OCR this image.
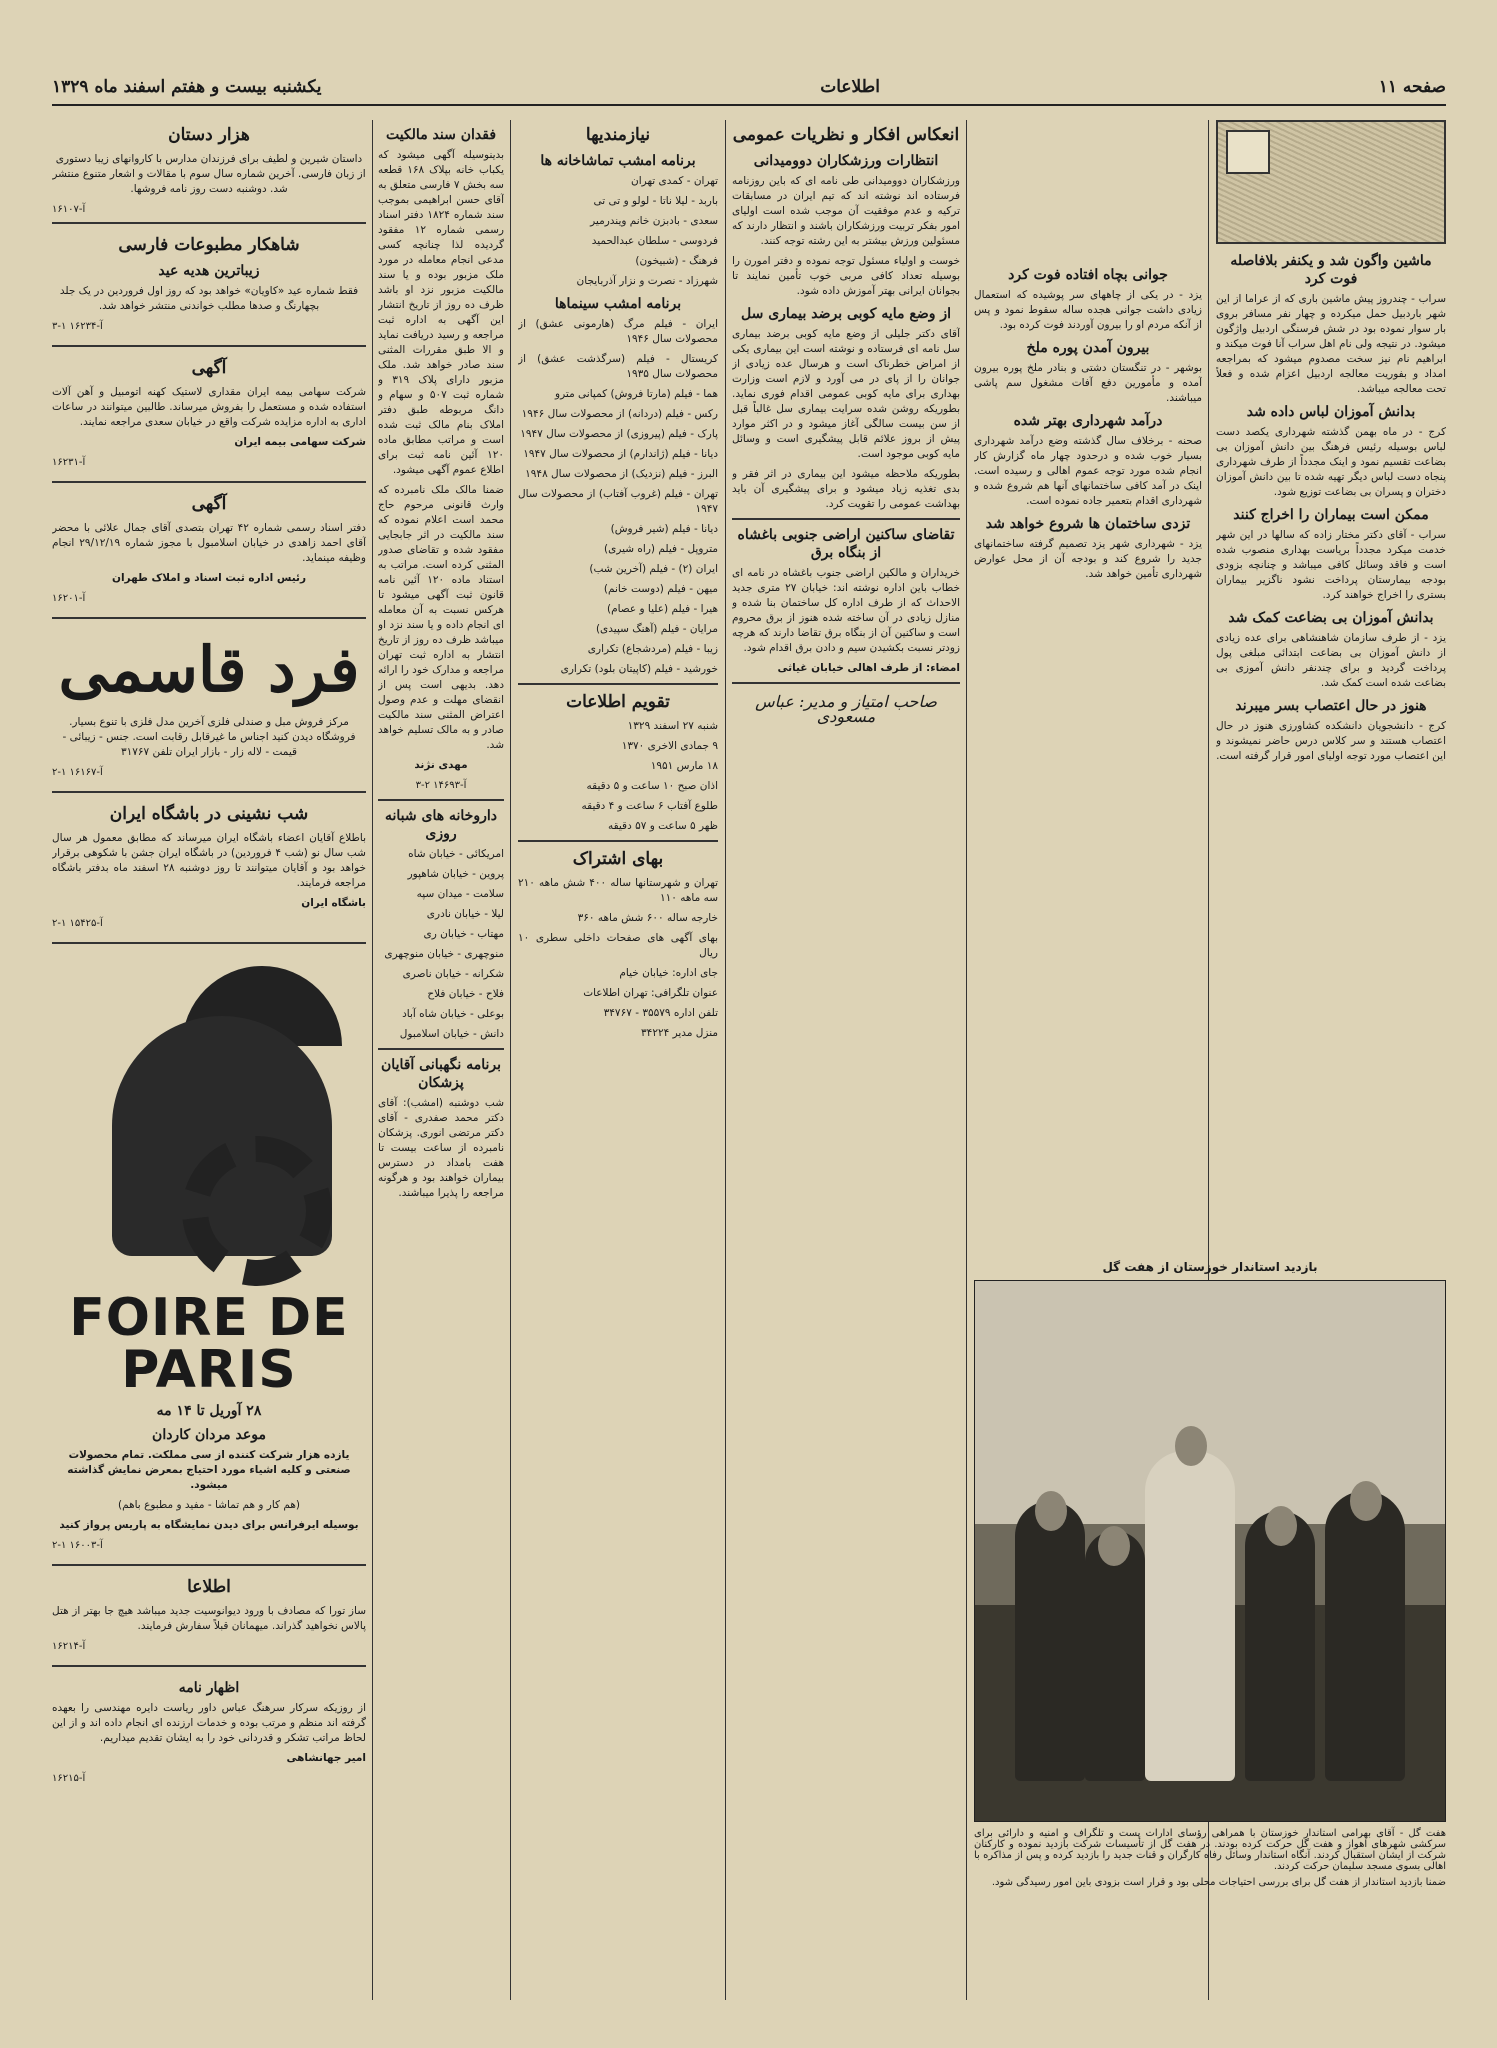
صفحه ۱۱
اطلاعات
یکشنبه بیست و هفتم اسفند ماه ۱۳۲۹
ماشین واگون شد و یکنفر بلافاصله فوت کرد

سراب - چندروز پیش ماشین باری که از عراما از این شهر باردبیل حمل میکرده و چهار نفر مسافر بروی بار سوار نموده بود در شش فرسنگی اردبیل واژگون میشود. در نتیجه ولی نام اهل سراب آنا فوت میکند و ابراهیم نام نیز سخت مصدوم میشود که بمراجعه امداد و بفوریت معالجه اردبیل اعزام شده و فعلاً تحت معالجه میباشد.

بدانش آموزان لباس داده شد

کرج - در ماه بهمن گذشته شهرداری یکصد دست لباس بوسیله رئیس فرهنگ بین دانش آموزان بی بضاعت تقسیم نمود و اینک مجدداً از طرف شهرداری پنجاه دست لباس دیگر تهیه شده تا بین دانش آموزان دختران و پسران بی بضاعت توزیع شود.

ممکن است بیماران را اخراج کنند

سراب - آقای دکتر مختار زاده که سالها در این شهر خدمت میکرد مجدداً بریاست بهداری منصوب شده است و فاقد وسائل کافی میباشد و چنانچه بزودی بودجه بیمارستان پرداخت نشود ناگزیر بیماران بستری را اخراج خواهند کرد.

بدانش آموزان بی بضاعت کمک شد

یزد - از طرف سازمان شاهنشاهی برای عده زیادی از دانش آموزان بی بضاعت ابتدائی مبلغی پول پرداخت گردید و برای چندنفر دانش آموزی بی بضاعت شده است کمک شد.

هنوز در حال اعتصاب بسر میبرند

کرج - دانشجویان دانشکده کشاورزی هنوز در حال اعتصاب هستند و سر کلاس درس حاضر نمیشوند و این اعتصاب مورد توجه اولیای امور قرار گرفته است.

جوانی بچاه افتاده فوت کرد

یزد - در یکی از چاههای سر پوشیده که استعمال زیادی داشت جوانی هجده ساله سقوط نمود و پس از آنکه مردم او را بیرون آوردند فوت کرده بود.

بیرون آمدن پوره ملخ

بوشهر - در تنگستان دشتی و بنادر ملخ پوره بیرون آمده و مأمورین دفع آفات مشغول سم پاشی میباشند.

درآمد شهرداری بهتر شده

صحنه - برخلاف سال گذشته وضع درآمد شهرداری بسیار خوب شده و درحدود چهار ماه گزارش کار انجام شده مورد توجه عموم اهالی و رسیده است. اینک در آمد کافی ساختمانهای آنها هم شروع شده و شهرداری اقدام بتعمیر جاده نموده است.

تزدی ساختمان ها شروع خواهد شد

یزد - شهرداری شهر یزد تصمیم گرفته ساختمانهای جدید را شروع کند و بودجه آن از محل عوارض شهرداری تأمین خواهد شد.

بازدید استاندار خوزستان از هفت گل

هفت گل - آقای بهرامی استاندار خوزستان با همراهی رؤسای ادارات پست و تلگراف و امنیه و دارائی برای سرکشی شهرهای اهواز و هفت گل حرکت کرده بودند. در هفت گل از تأسیسات شرکت بازدید نموده و کارکنان شرکت از ایشان استقبال کردند. آنگاه استاندار وسائل رفاه کارگران و قنات جدید را بازدید کرده و پس از مذاکره با اهالی بسوی مسجد سلیمان حرکت کردند.

ضمنا بازدید استاندار از هفت گل برای بررسی احتیاجات محلی بود و قرار است بزودی باین امور رسیدگی شود.

انعکاس افکار و نظریات عمومی
انتظارات ورزشکاران دوومیدانی

ورزشکاران دوومیدانی طی نامه ای که باین روزنامه فرستاده اند نوشته اند که تیم ایران در مسابقات ترکیه و عدم موفقیت آن موجب شده است اولیای امور بفکر تربیت ورزشکاران باشند و انتظار دارند که مسئولین ورزش بیشتر به این رشته توجه کنند.

خوست و اولیاء مسئول توجه نموده و دفتر امورن را بوسیله تعداد کافی مربی خوب تأمین نمایند تا بجوانان ایرانی بهتر آموزش داده شود.

از وضع مایه کوبی برضد بیماری سل

آقای دکتر جلیلی از وضع مایه کوبی برضد بیماری سل نامه ای فرستاده و نوشته است این بیماری یکی از امراض خطرناک است و هرسال عده زیادی از جوانان را از پای در می آورد و لازم است وزارت بهداری برای مایه کوبی عمومی اقدام فوری نماید. بطوریکه روشن شده سرایت بیماری سل غالباً قبل از سن بیست سالگی آغاز میشود و در اکثر موارد پیش از بروز علائم قابل پیشگیری است و وسائل مایه کوبی موجود است.

بطوریکه ملاحظه میشود این بیماری در اثر فقر و بدی تغذیه زیاد میشود و برای پیشگیری آن باید بهداشت عمومی را تقویت کرد.

تقاضای ساکنین اراضی جنوبی باغشاه از بنگاه برق

خریداران و مالکین اراضی جنوب باغشاه در نامه ای خطاب باین اداره نوشته اند: خیابان ۲۷ متری جدید الاحداث که از طرف اداره کل ساختمان بنا شده و منازل زیادی در آن ساخته شده هنوز از برق محروم است و ساکنین آن از بنگاه برق تقاضا دارند که هرچه زودتر نسبت بکشیدن سیم و دادن برق اقدام شود.

امضاء: از طرف اهالی خیابان غیاثی

صاحب امتیاز و مدیر: عباس مسعودی
نیازمندیها
برنامه امشب تماشاخانه ها

تهران - کمدی تهران

باربد - لیلا ناتا - لولو و تی تی

سعدی - بادبزن خانم ویندرمیر

فردوسی - سلطان عبدالحمید

فرهنگ - (شبیخون)

شهرزاد - نصرت و نزار آذربایجان

برنامه امشب سینماها

ایران - فیلم مرگ (هارمونی عشق) از محصولات سال ۱۹۴۶

کریستال - فیلم (سرگذشت عشق) از محصولات سال ۱۹۳۵

هما - فیلم (مارتا فروش) کمپانی مترو

رکس - فیلم (دردانه) از محصولات سال ۱۹۴۶

پارک - فیلم (پیروزی) از محصولات سال ۱۹۴۷

دیانا - فیلم (ژاندارم) از محصولات سال ۱۹۴۷

البرز - فیلم (نزدیک) از محصولات سال ۱۹۴۸

تهران - فیلم (غروب آفتاب) از محصولات سال ۱۹۴۷

دیانا - فیلم (شیر فروش)

متروپل - فیلم (راه شیری)

ایران (۲) - فیلم (آخرین شب)

میهن - فیلم (دوست خانم)

هیرا - فیلم (علیا و عصام)

مرایان - فیلم (آهنگ سپیدی)

زیبا - فیلم (مردشجاع) تکراری

خورشید - فیلم (کاپیتان بلود) تکراری

تقویم اطلاعات

شنبه ۲۷ اسفند ۱۳۲۹

۹ جمادی الاخری ۱۳۷۰

۱۸ مارس ۱۹۵۱

اذان صبح ۱۰ ساعت و ۵ دقیقه

طلوع آفتاب ۶ ساعت و ۴ دقیقه

ظهر ۵ ساعت و ۵۷ دقیقه

بهای اشتراک

تهران و شهرستانها ساله ۴۰۰ شش ماهه ۲۱۰ سه ماهه ۱۱۰

خارجه ساله ۶۰۰ شش ماهه ۳۶۰

بهای آگهی های صفحات داخلی سطری ۱۰ ریال

جای اداره: خیابان خیام

عنوان تلگرافی: تهران اطلاعات

تلفن اداره ۳۵۵۷۹ - ۳۴۷۶۷

منزل مدیر ۳۴۲۲۴

فقدان سند مالکیت

بدینوسیله آگهی میشود که یکباب خانه بپلاک ۱۶۸ قطعه سه بخش ۷ فارسی متعلق به آقای حسن ابراهیمی بموجب سند شماره ۱۸۲۴ دفتر اسناد رسمی شماره ۱۲ مفقود گردیده لذا چنانچه کسی مدعی انجام معامله در مورد ملک مزبور بوده و یا سند مالکیت مزبور نزد او باشد ظرف ده روز از تاریخ انتشار این آگهی به اداره ثبت مراجعه و رسید دریافت نماید و الا طبق مقررات المثنی سند صادر خواهد شد. ملک مزبور دارای پلاک ۳۱۹ و شماره ثبت ۵۰۷ و سهام و دانگ مربوطه طبق دفتر املاک بنام مالک ثبت شده است و مراتب مطابق ماده ۱۲۰ آئین نامه ثبت برای اطلاع عموم آگهی میشود.

ضمنا مالک ملک نامبرده که وارث قانونی مرحوم حاج محمد است اعلام نموده که سند مالکیت در اثر جابجایی مفقود شده و تقاضای صدور المثنی کرده است. مراتب به استناد ماده ۱۲۰ آئین نامه قانون ثبت آگهی میشود تا هرکس نسبت به آن معامله ای انجام داده و یا سند نزد او میباشد ظرف ده روز از تاریخ انتشار به اداره ثبت تهران مراجعه و مدارک خود را ارائه دهد. بدیهی است پس از انقضای مهلت و عدم وصول اعتراض المثنی سند مالکیت صادر و به مالک تسلیم خواهد شد.

مهدی نژند

آ-۱۴۶۹۳ ۲-۳

داروخانه های شبانه روزی

امریکائی - خیابان شاه

پروین - خیابان شاهپور

سلامت - میدان سپه

لیلا - خیابان نادری

مهتاب - خیابان ری

منوچهری - خیابان منوچهری

شکرانه - خیابان ناصری

فلاح - خیابان فلاح

بوعلی - خیابان شاه آباد

دانش - خیابان اسلامبول

برنامه نگهبانی آقایان پزشکان

شب دوشنبه (امشب): آقای دکتر محمد صفدری - آقای دکتر مرتضی انوری. پزشکان نامبرده از ساعت بیست تا هفت بامداد در دسترس بیماران خواهند بود و هرگونه مراجعه را پذیرا میباشند.

هزار دستان

داستان شیرین و لطیف برای فرزندان مدارس با کاروانهای زیبا دستوری از زبان فارسی. آخرین شماره سال سوم با مقالات و اشعار متنوع منتشر شد. دوشنبه دست روز نامه فروشها.

آ-۱۶۱۰۷

شاهکار مطبوعات فارسی
زیباترین هدیه عید

فقط شماره عید «کاویان» خواهد بود که روز اول فروردین در یک جلد بچهارنگ و صدها مطلب خواندنی منتشر خواهد شد.

آ-۱۶۲۳۴ ۱-۳

آگهی

شرکت سهامی بیمه ایران مقداری لاستیک کهنه اتومبیل و آهن آلات استفاده شده و مستعمل را بفروش میرساند. طالبین میتوانند در ساعات اداری به اداره مزایده شرکت واقع در خیابان سعدی مراجعه نمایند.

شرکت سهامی بیمه ایران

آ-۱۶۲۳۱

آگهی

دفتر اسناد رسمی شماره ۴۲ تهران بتصدی آقای جمال علائی با محضر آقای احمد زاهدی در خیابان اسلامبول با مجوز شماره ۲۹/۱۲/۱۹ انجام وظیفه مینماید.

رئیس اداره ثبت اسناد و املاک طهران

آ-۱۶۲۰۱

فرد قاسمی

مرکز فروش مبل و صندلی فلزی آخرین مدل فلزی با تنوع بسیار. فروشگاه دیدن کنید اجناس ما غیرقابل رقابت است. جنس - زیبائی - قیمت - لاله زار - بازار ایران تلفن ۳۱۷۶۷

آ-۱۶۱۶۷ ۱-۲

شب نشینی در باشگاه ایران

باطلاع آقایان اعضاء باشگاه ایران میرساند که مطابق معمول هر سال شب سال نو (شب ۴ فروردین) در باشگاه ایران جشن با شکوهی برقرار خواهد بود و آقایان میتوانند تا روز دوشنبه ۲۸ اسفند ماه بدفتر باشگاه مراجعه فرمایند.

باشگاه ایران

آ-۱۵۴۲۵ ۱-۲

FOIRE DE PARIS
۲۸ آوریل تا ۱۴ مه
موعد مردان کاردان

یازده هزار شرکت کننده از سی مملکت. تمام محصولات صنعتی و کلیه اشیاء مورد احتیاج بمعرض نمایش گذاشته میشود.

(هم کار و هم تماشا - مفید و مطبوع باهم)

بوسیله ایرفرانس برای دیدن نمایشگاه به پاریس پرواز کنید

آ-۱۶۰۰۳ ۱-۲

اطلاعا

ساز تورا که مصادف با ورود دیوانوسیت جدید میباشد هیچ جا بهتر از هتل پالاس نخواهید گذراند. میهمانان قبلاً سفارش فرمایند.

آ-۱۶۲۱۴

اظهار نامه

از روزیکه سرکار سرهنگ عباس داور ریاست دایره مهندسی را بعهده گرفته اند منظم و مرتب بوده و خدمات ارزنده ای انجام داده اند و از این لحاظ مراتب تشکر و قدردانی خود را به ایشان تقدیم میداریم.

امیر جهانشاهی

آ-۱۶۲۱۵
